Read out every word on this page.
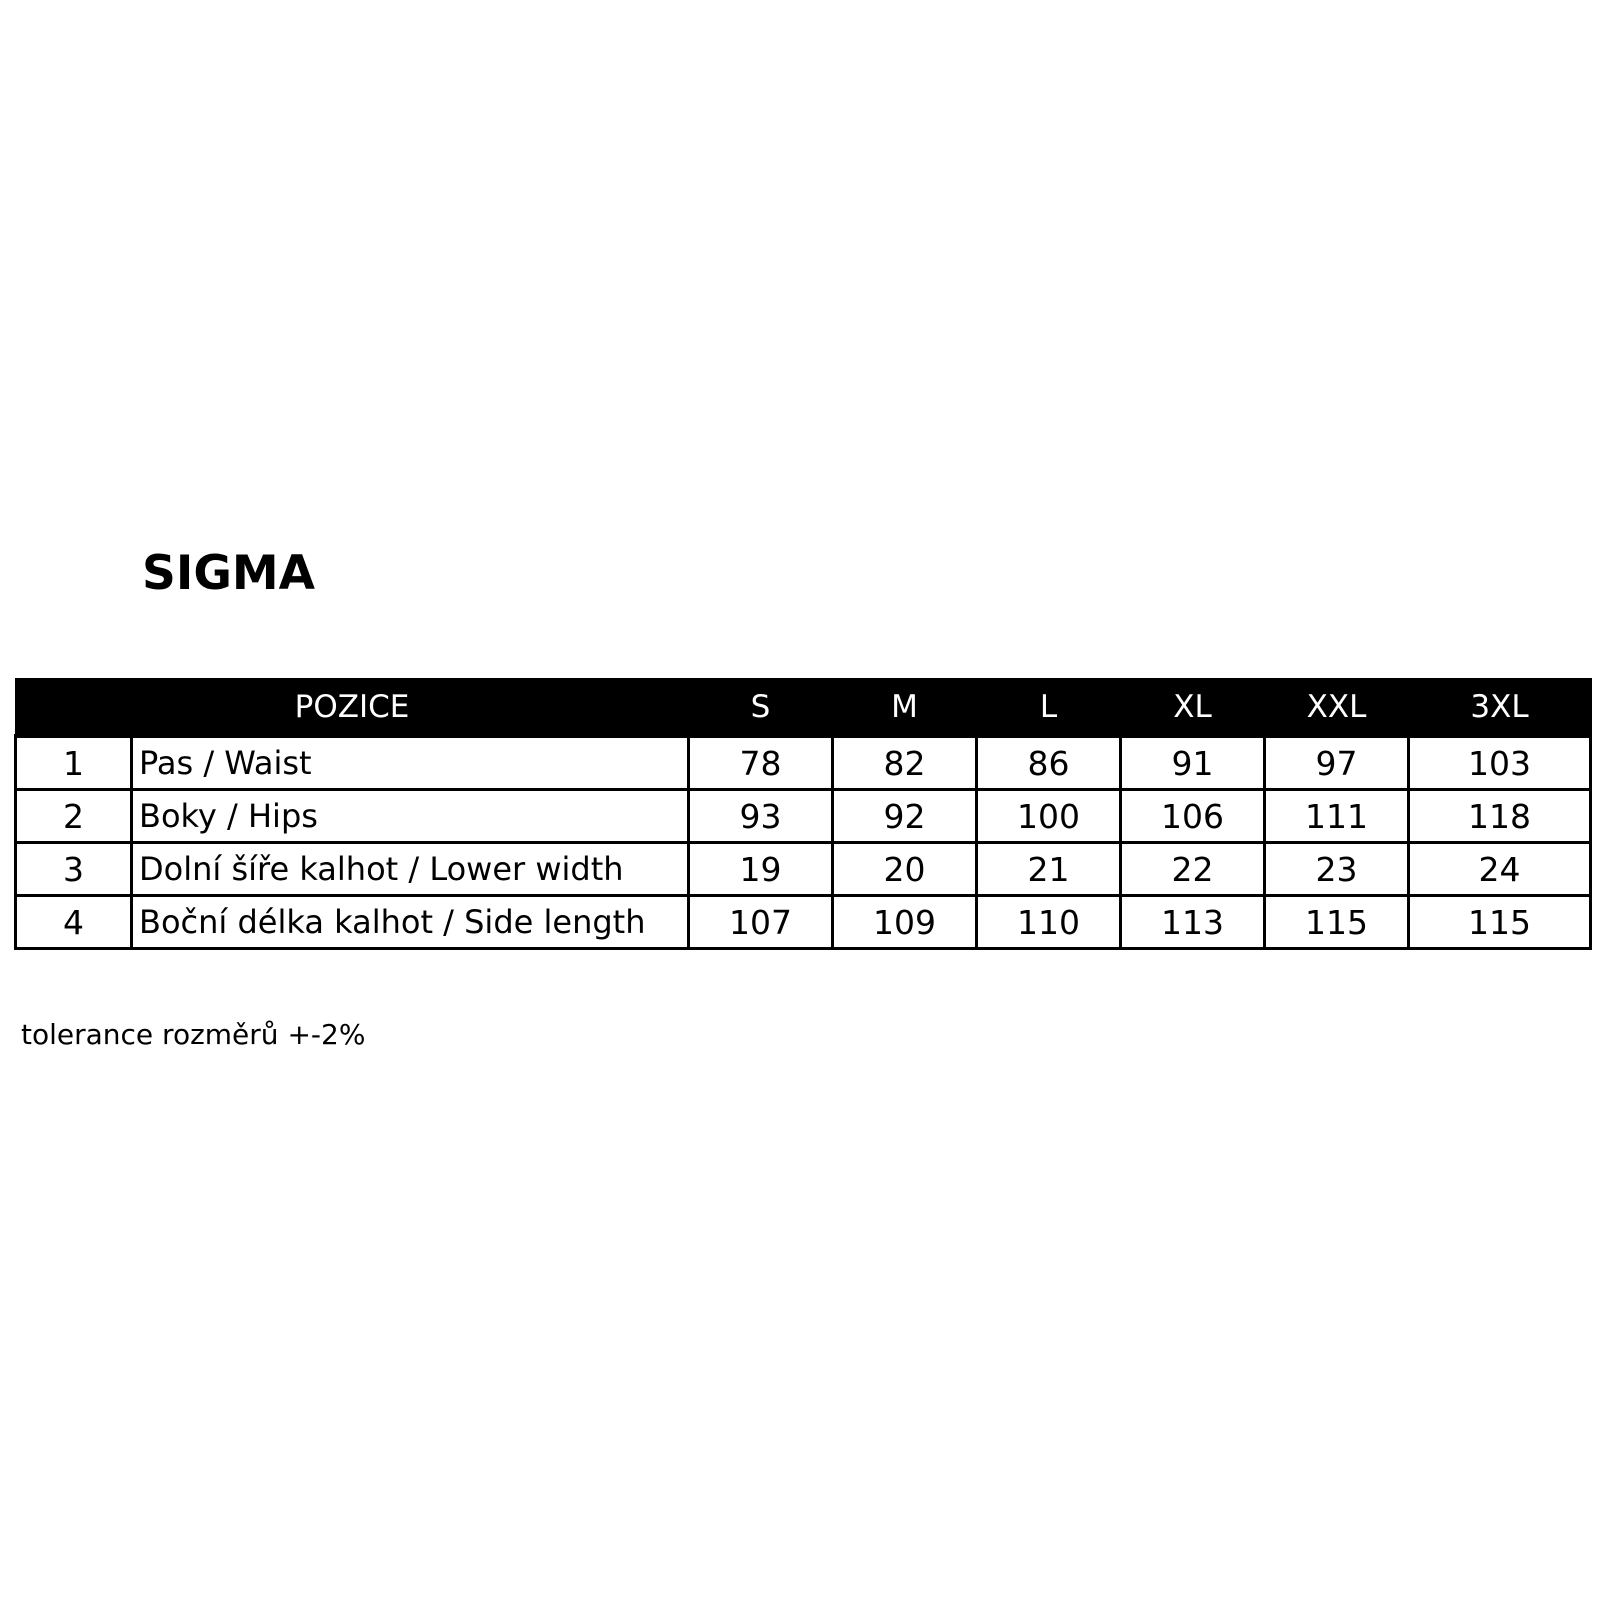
SIGMA
POZICE		S	M	L	XL	XXL	3XL
1	Pas / Waist	78	82	86	91	97	103
2	Boky / Hips	93	92	100	106	111	118
3	Dolní šíře kalhot / Lower width	19	20	21	22	23	24
4	Boční délka kalhot / Side length	107	109	110	113	115	115

tolerance rozměrů +-2%
